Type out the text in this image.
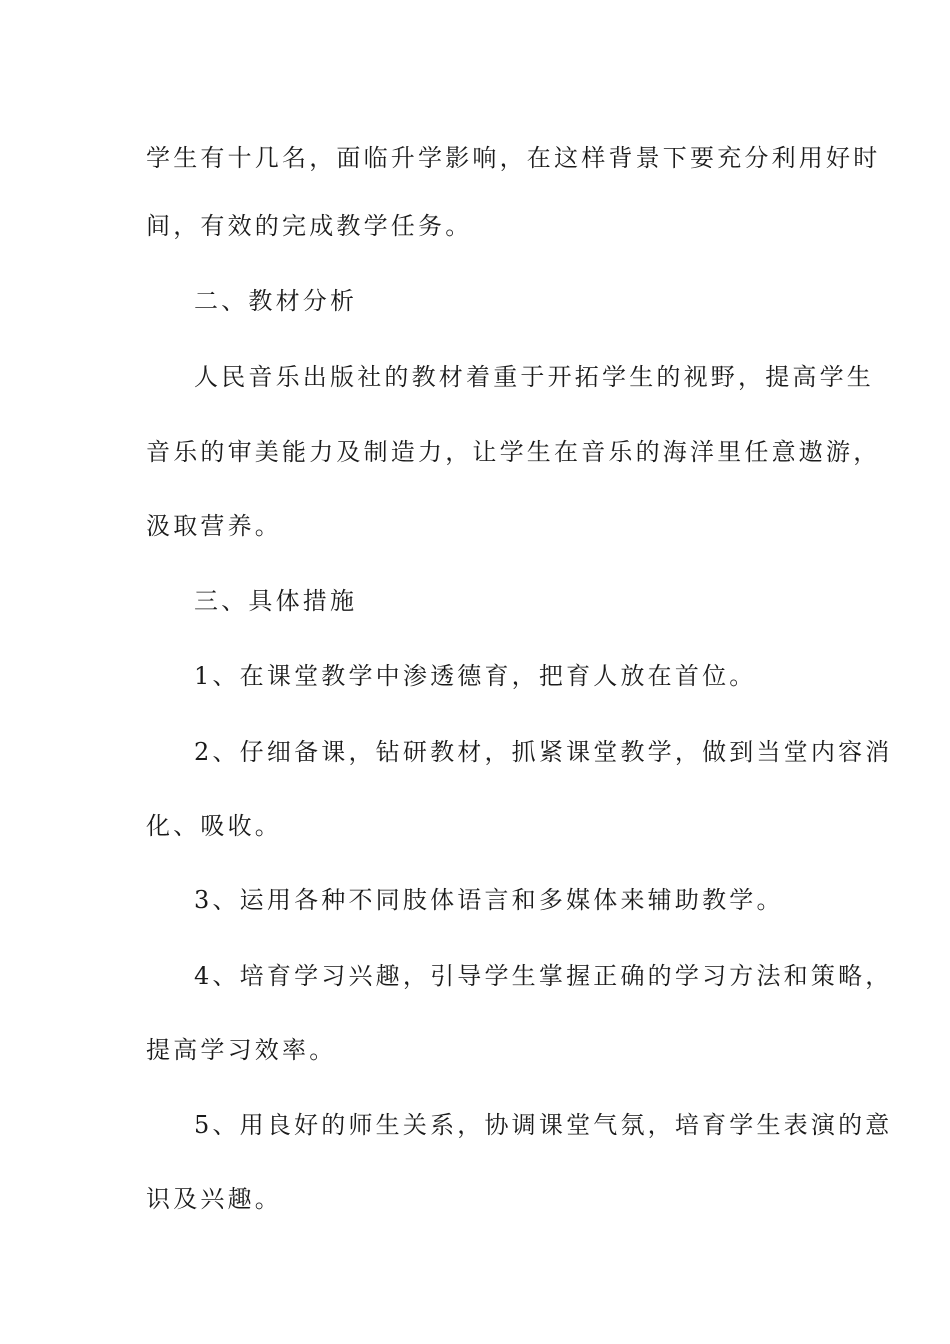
学生有十几名，面临升学影响，在这样背景下要充分利用好时
间，有效的完成教学任务。
二、教材分析
人民音乐出版社的教材着重于开拓学生的视野，提高学生
音乐的审美能力及制造力，让学生在音乐的海洋里任意遨游，
汲取营养。
三、具体措施
1、在课堂教学中渗透德育，把育人放在首位。
2、仔细备课，钻研教材，抓紧课堂教学，做到当堂内容消
化、吸收。
3、运用各种不同肢体语言和多媒体来辅助教学。
4、培育学习兴趣，引导学生掌握正确的学习方法和策略，
提高学习效率。
5、用良好的师生关系，协调课堂气氛，培育学生表演的意
识及兴趣。
